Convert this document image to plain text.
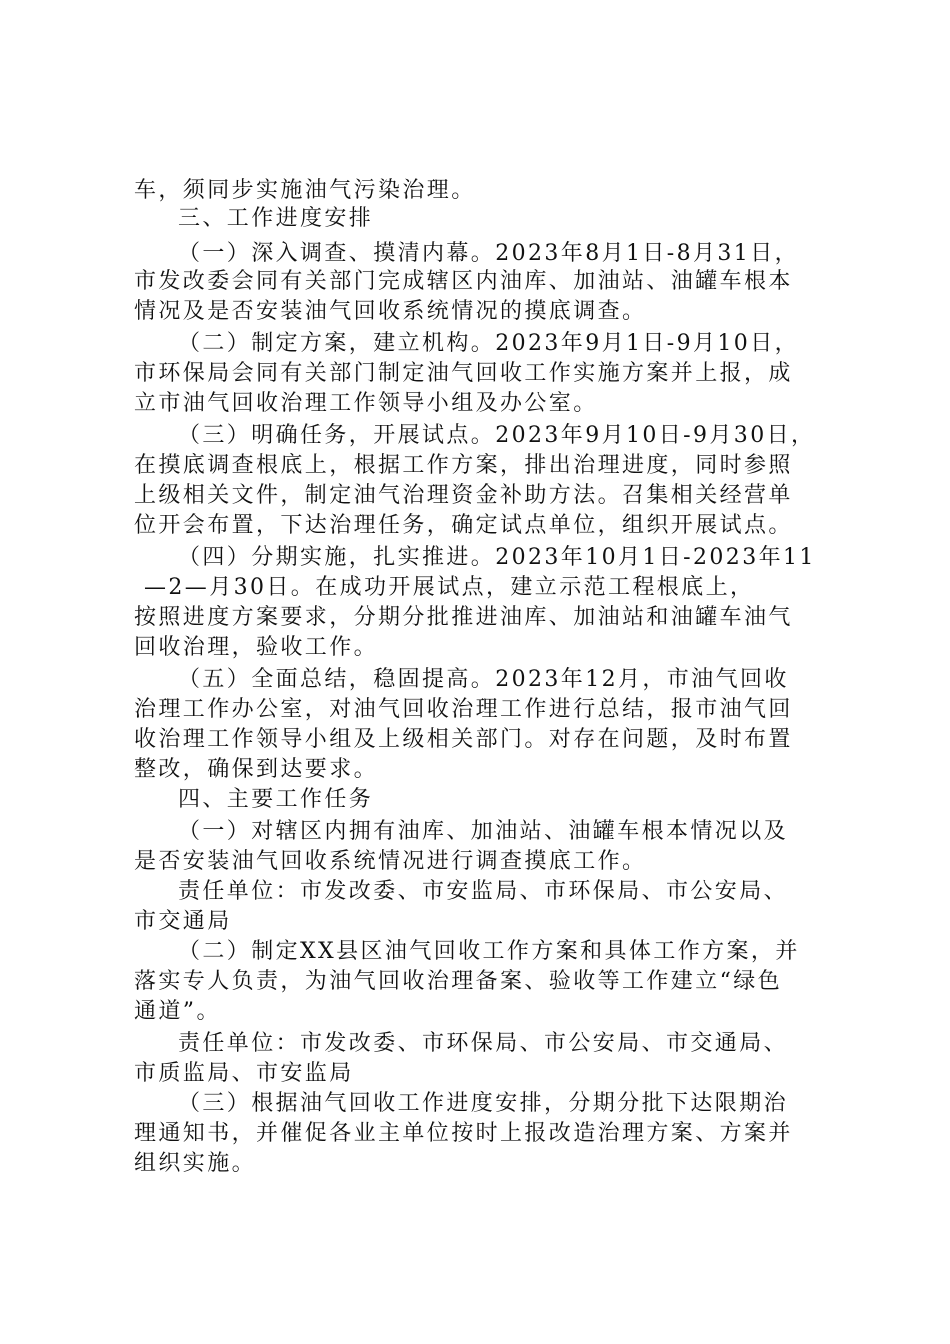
车，须同步实施油气污染治理。
三、工作进度安排
（一）深入调查、摸清内幕。2023年8月1日-8月31日，
市发改委会同有关部门完成辖区内油库、加油站、油罐车根本
情况及是否安装油气回收系统情况的摸底调查。
（二）制定方案，建立机构。2023年9月1日-9月10日，
市环保局会同有关部门制定油气回收工作实施方案并上报，成
立市油气回收治理工作领导小组及办公室。
（三）明确任务，开展试点。2023年9月10日-9月30日，
在摸底调查根底上，根据工作方案，排出治理进度，同时参照
上级相关文件，制定油气治理资金补助方法。召集相关经营单
位开会布置，下达治理任务，确定试点单位，组织开展试点。
（四）分期实施，扎实推进。2023年10月1日-2023年11
—2—月30日。在成功开展试点，建立示范工程根底上，
按照进度方案要求，分期分批推进油库、加油站和油罐车油气
回收治理，验收工作。
（五）全面总结，稳固提高。2023年12月，市油气回收
治理工作办公室，对油气回收治理工作进行总结，报市油气回
收治理工作领导小组及上级相关部门。对存在问题，及时布置
整改，确保到达要求。
四、主要工作任务
（一）对辖区内拥有油库、加油站、油罐车根本情况以及
是否安装油气回收系统情况进行调查摸底工作。
责任单位：市发改委、市安监局、市环保局、市公安局、
市交通局
（二）制定XX县区油气回收工作方案和具体工作方案，并
落实专人负责，为油气回收治理备案、验收等工作建立“绿色
通道”。
责任单位：市发改委、市环保局、市公安局、市交通局、
市质监局、市安监局
（三）根据油气回收工作进度安排，分期分批下达限期治
理通知书，并催促各业主单位按时上报改造治理方案、方案并
组织实施。
